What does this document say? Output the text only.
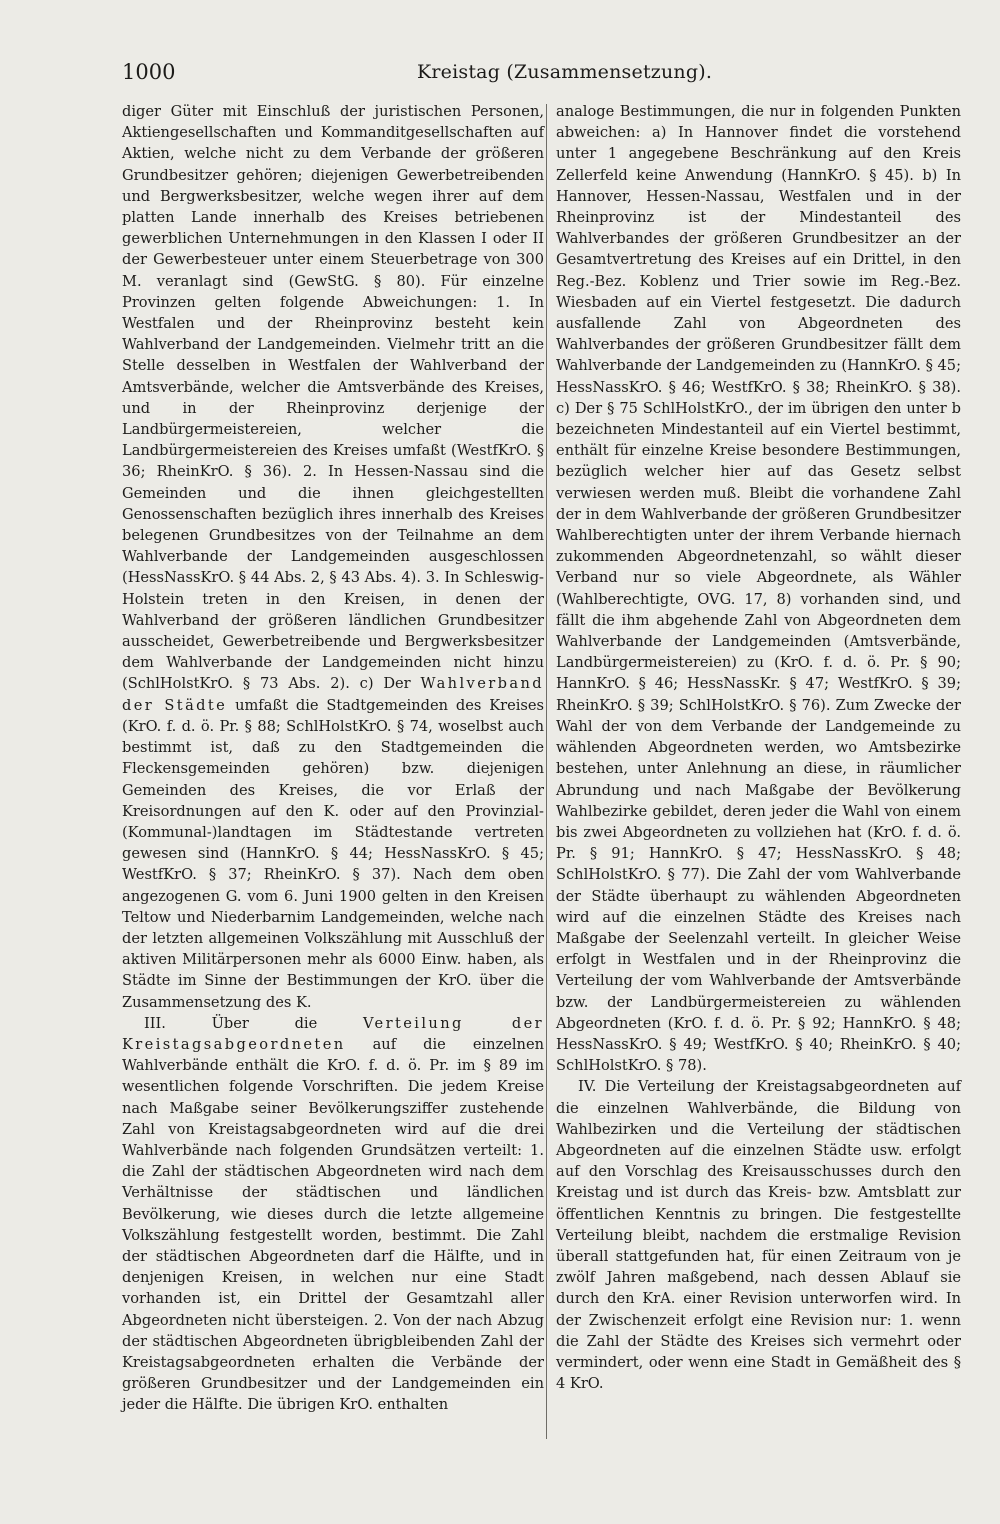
1000	Kreistag (Zusammensetzung).

diger Güter mit Einschluß der juristischen Personen, Aktiengesellschaften und Kommanditgesellschaften auf Aktien, welche nicht zu dem Verbande der größeren Grundbesitzer gehören; diejenigen Gewerbetreibenden und Bergwerksbesitzer, welche wegen ihrer auf dem platten Lande innerhalb des Kreises betriebenen gewerblichen Unternehmungen in den Klassen I oder II der Gewerbesteuer unter einem Steuerbetrage von 300 M. veranlagt sind (GewStG. § 80). Für einzelne Provinzen gelten folgende Abweichungen: 1. In Westfalen und der Rheinprovinz besteht kein Wahlverband der Landgemeinden. Vielmehr tritt an die Stelle desselben in Westfalen der Wahlverband der Amtsverbände, welcher die Amtsverbände des Kreises, und in der Rheinprovinz derjenige der Landbürgermeistereien, welcher die Landbürgermeistereien des Kreises umfaßt (WestfKrO. § 36; RheinKrO. § 36). 2. In Hessen-Nassau sind die Gemeinden und die ihnen gleichgestellten Genossenschaften bezüglich ihres innerhalb des Kreises belegenen Grundbesitzes von der Teilnahme an dem Wahlverbande der Landgemeinden ausgeschlossen (HessNassKrO. § 44 Abs. 2, § 43 Abs. 4). 3. In Schleswig-Holstein treten in den Kreisen, in denen der Wahlverband der größeren ländlichen Grundbesitzer ausscheidet, Gewerbetreibende und Bergwerksbesitzer dem Wahlverbande der Landgemeinden nicht hinzu (SchlHolstKrO. § 73 Abs. 2). c) Der Wahlverband der Städte umfaßt die Stadtgemeinden des Kreises (KrO. f. d. ö. Pr. § 88; SchlHolstKrO. § 74, woselbst auch bestimmt ist, daß zu den Stadtgemeinden die Fleckensgemeinden gehören) bzw. diejenigen Gemeinden des Kreises, die vor Erlaß der Kreisordnungen auf den K. oder auf den Provinzial-(Kommunal-)landtagen im Städtestande vertreten gewesen sind (HannKrO. § 44; HessNassKrO. § 45; WestfKrO. § 37; RheinKrO. § 37). Nach dem oben angezogenen G. vom 6. Juni 1900 gelten in den Kreisen Teltow und Niederbarnim Landgemeinden, welche nach der letzten allgemeinen Volkszählung mit Ausschluß der aktiven Militärpersonen mehr als 6000 Einw. haben, als Städte im Sinne der Bestimmungen der KrO. über die Zusammensetzung des K.

III. Über die Verteilung der Kreistagsabgeordneten auf die einzelnen Wahlverbände enthält die KrO. f. d. ö. Pr. im § 89 im wesentlichen folgende Vorschriften. Die jedem Kreise nach Maßgabe seiner Bevölkerungsziffer zustehende Zahl von Kreistagsabgeordneten wird auf die drei Wahlverbände nach folgenden Grundsätzen verteilt: 1. die Zahl der städtischen Abgeordneten wird nach dem Verhältnisse der städtischen und ländlichen Bevölkerung, wie dieses durch die letzte allgemeine Volkszählung festgestellt worden, bestimmt. Die Zahl der städtischen Abgeordneten darf die Hälfte, und in denjenigen Kreisen, in welchen nur eine Stadt vorhanden ist, ein Drittel der Gesamtzahl aller Abgeordneten nicht übersteigen. 2. Von der nach Abzug der städtischen Abgeordneten übrigbleibenden Zahl der Kreistagsabgeordneten erhalten die Verbände der größeren Grundbesitzer und der Landgemeinden ein jeder die Hälfte. Die übrigen KrO. enthalten

analoge Bestimmungen, die nur in folgenden Punkten abweichen: a) In Hannover findet die vorstehend unter 1 angegebene Beschränkung auf den Kreis Zellerfeld keine Anwendung (HannKrO. § 45). b) In Hannover, Hessen-Nassau, Westfalen und in der Rheinprovinz ist der Mindestanteil des Wahlverbandes der größeren Grundbesitzer an der Gesamtvertretung des Kreises auf ein Drittel, in den Reg.-Bez. Koblenz und Trier sowie im Reg.-Bez. Wiesbaden auf ein Viertel festgesetzt. Die dadurch ausfallende Zahl von Abgeordneten des Wahlverbandes der größeren Grundbesitzer fällt dem Wahlverbande der Landgemeinden zu (HannKrO. § 45; HessNassKrO. § 46; WestfKrO. § 38; RheinKrO. § 38). c) Der § 75 SchlHolstKrO., der im übrigen den unter b bezeichneten Mindestanteil auf ein Viertel bestimmt, enthält für einzelne Kreise besondere Bestimmungen, bezüglich welcher hier auf das Gesetz selbst verwiesen werden muß. Bleibt die vorhandene Zahl der in dem Wahlverbande der größeren Grundbesitzer Wahlberechtigten unter der ihrem Verbande hiernach zukommenden Abgeordnetenzahl, so wählt dieser Verband nur so viele Abgeordnete, als Wähler (Wahlberechtigte, OVG. 17, 8) vorhanden sind, und fällt die ihm abgehende Zahl von Abgeordneten dem Wahlverbande der Landgemeinden (Amtsverbände, Landbürgermeistereien) zu (KrO. f. d. ö. Pr. § 90; HannKrO. § 46; HessNassKr. § 47; WestfKrO. § 39; RheinKrO. § 39; SchlHolstKrO. § 76). Zum Zwecke der Wahl der von dem Verbande der Landgemeinde zu wählenden Abgeordneten werden, wo Amtsbezirke bestehen, unter Anlehnung an diese, in räumlicher Abrundung und nach Maßgabe der Bevölkerung Wahlbezirke gebildet, deren jeder die Wahl von einem bis zwei Abgeordneten zu vollziehen hat (KrO. f. d. ö. Pr. § 91; HannKrO. § 47; HessNassKrO. § 48; SchlHolstKrO. § 77). Die Zahl der vom Wahlverbande der Städte überhaupt zu wählenden Abgeordneten wird auf die einzelnen Städte des Kreises nach Maßgabe der Seelenzahl verteilt. In gleicher Weise erfolgt in Westfalen und in der Rheinprovinz die Verteilung der vom Wahlverbande der Amtsverbände bzw. der Landbürgermeistereien zu wählenden Abgeordneten (KrO. f. d. ö. Pr. § 92; HannKrO. § 48; HessNassKrO. § 49; WestfKrO. § 40; RheinKrO. § 40; SchlHolstKrO. § 78).

IV. Die Verteilung der Kreistagsabgeordneten auf die einzelnen Wahlverbände, die Bildung von Wahlbezirken und die Verteilung der städtischen Abgeordneten auf die einzelnen Städte usw. erfolgt auf den Vorschlag des Kreisausschusses durch den Kreistag und ist durch das Kreis- bzw. Amtsblatt zur öffentlichen Kenntnis zu bringen. Die festgestellte Verteilung bleibt, nachdem die erstmalige Revision überall stattgefunden hat, für einen Zeitraum von je zwölf Jahren maßgebend, nach dessen Ablauf sie durch den KrA. einer Revision unterworfen wird. In der Zwischenzeit erfolgt eine Revision nur: 1. wenn die Zahl der Städte des Kreises sich vermehrt oder vermindert, oder wenn eine Stadt in Gemäßheit des § 4 KrO.
